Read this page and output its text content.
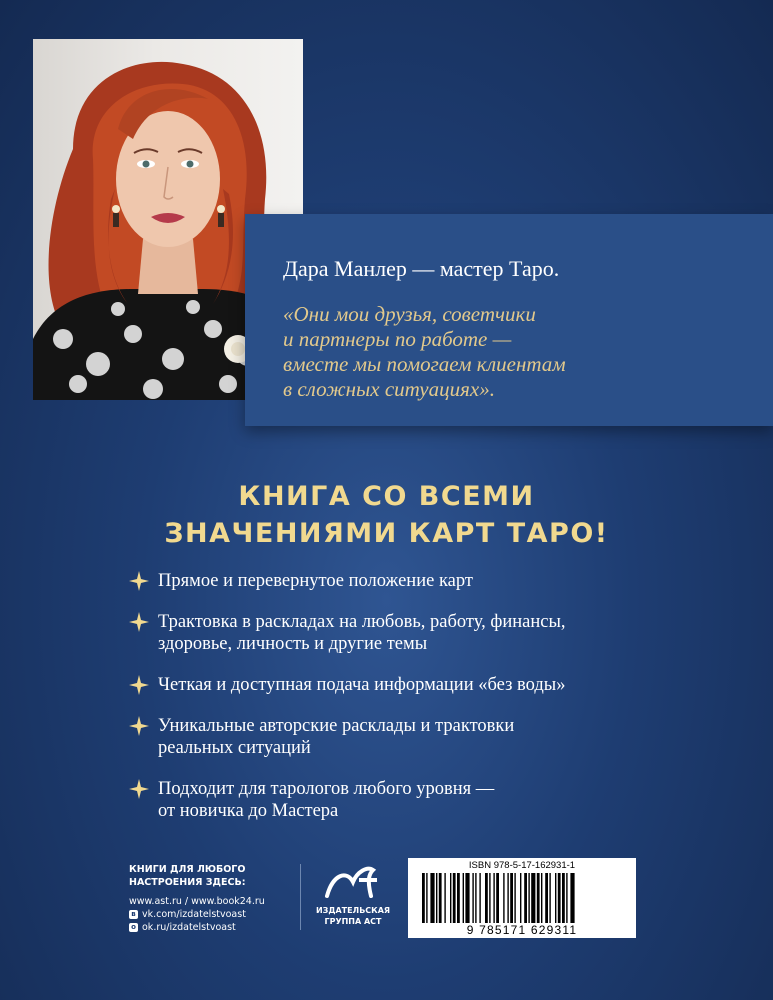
Дара Манлер — мастер Таро.
«Они мои друзья, советчики
и партнеры по работе —
вместе мы помогаем клиентам
в сложных ситуациях».
КНИГА СО ВСЕМИ
ЗНАЧЕНИЯМИ КАРТ ТАРО!
Прямое и перевернутое положение карт
Трактовка в раскладах на любовь, работу, финансы,
здоровье, личность и другие темы
Четкая и доступная подача информации «без воды»
Уникальные авторские расклады и трактовки
реальных ситуаций
Подходит для тарологов любого уровня —
от новичка до Мастера
КНИГИ ДЛЯ ЛЮБОГО
НАСТРОЕНИЯ ЗДЕСЬ:
www.ast.ru / www.book24.ru
в vk.com/izdatelstvoast
о ok.ru/izdatelstvoast
ИЗДАТЕЛЬСКАЯ
ГРУППА АСТ
ISBN 978-5-17-162931-1
9 785171 629311
